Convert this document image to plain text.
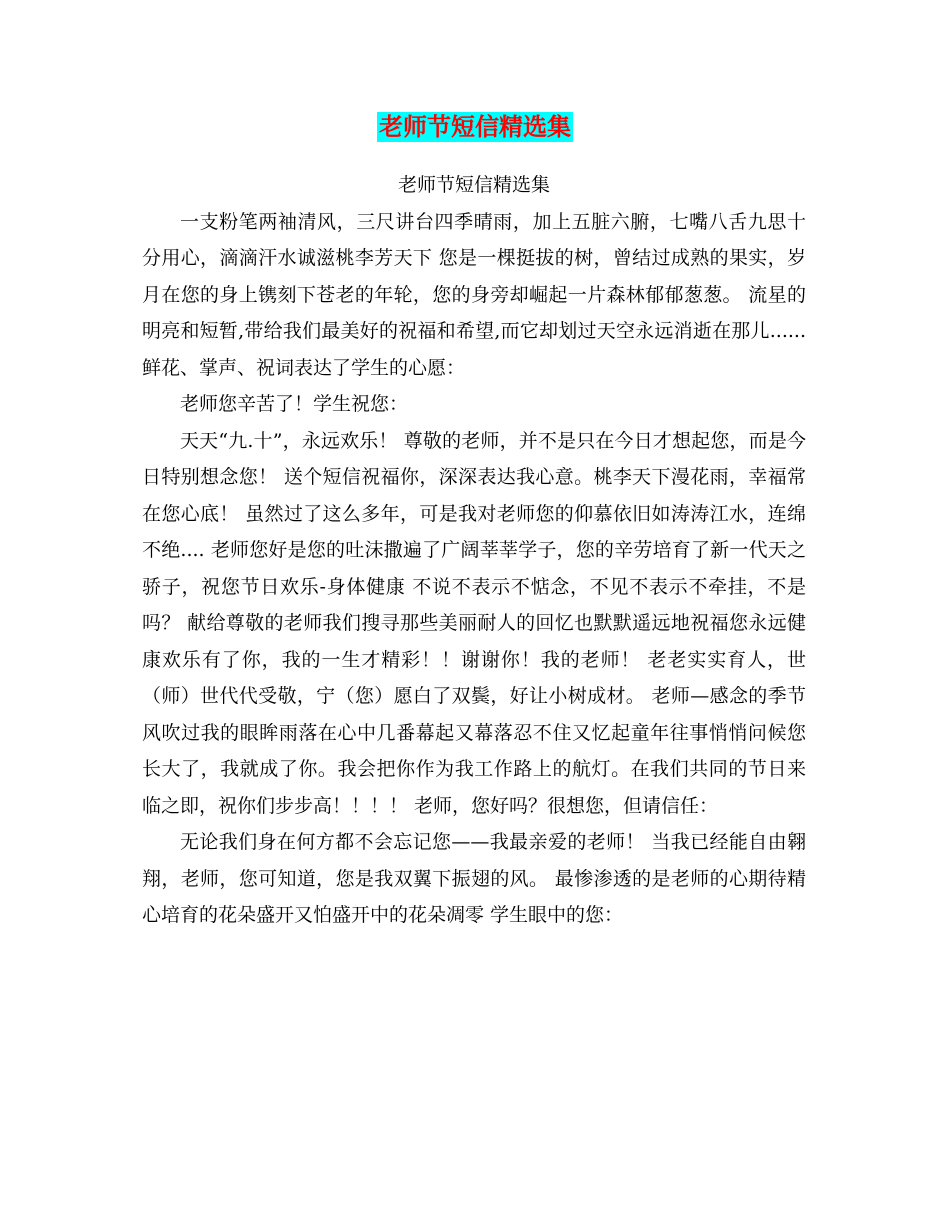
老师节短信精选集

老师节短信精选集

一支粉笔两袖清风，三尺讲台四季晴雨，加上五脏六腑，七嘴八舌九思十分用心，滴滴汗水诚滋桃李芳天下 您是一棵挺拔的树，曾结过成熟的果实，岁月在您的身上镌刻下苍老的年轮，您的身旁却崛起一片森林郁郁葱葱。 流星的明亮和短暂,带给我们最美好的祝福和希望,而它却划过天空永远消逝在那儿...... 鲜花、掌声、祝词表达了学生的心愿：

老师您辛苦了！学生祝您：

天天“九.十”，永远欢乐！ 尊敬的老师，并不是只在今日才想起您，而是今日特别想念您！ 送个短信祝福你，深深表达我心意。桃李天下漫花雨，幸福常在您心底！ 虽然过了这么多年，可是我对老师您的仰慕依旧如涛涛江水，连绵不绝.... 老师您好是您的吐沫撒遍了广阔莘莘学子，您的辛劳培育了新一代天之骄子，祝您节日欢乐-身体健康 不说不表示不惦念，不见不表示不牵挂，不是吗？ 献给尊敬的老师我们搜寻那些美丽耐人的回忆也默默遥远地祝福您永远健康欢乐有了你，我的一生才精彩！！谢谢你！我的老师！ 老老实实育人，世（师）世代代受敬，宁（您）愿白了双鬓，好让小树成材。 老师—感念的季节风吹过我的眼眸雨落在心中几番幕起又幕落忍不住又忆起童年往事悄悄问候您 长大了，我就成了你。我会把你作为我工作路上的航灯。在我们共同的节日来临之即，祝你们步步高！！！！ 老师，您好吗？很想您，但请信任：

无论我们身在何方都不会忘记您——我最亲爱的老师！ 当我已经能自由翱翔，老师，您可知道，您是我双翼下振翅的风。 最惨渗透的是老师的心期待精心培育的花朵盛开又怕盛开中的花朵凋零 学生眼中的您：
